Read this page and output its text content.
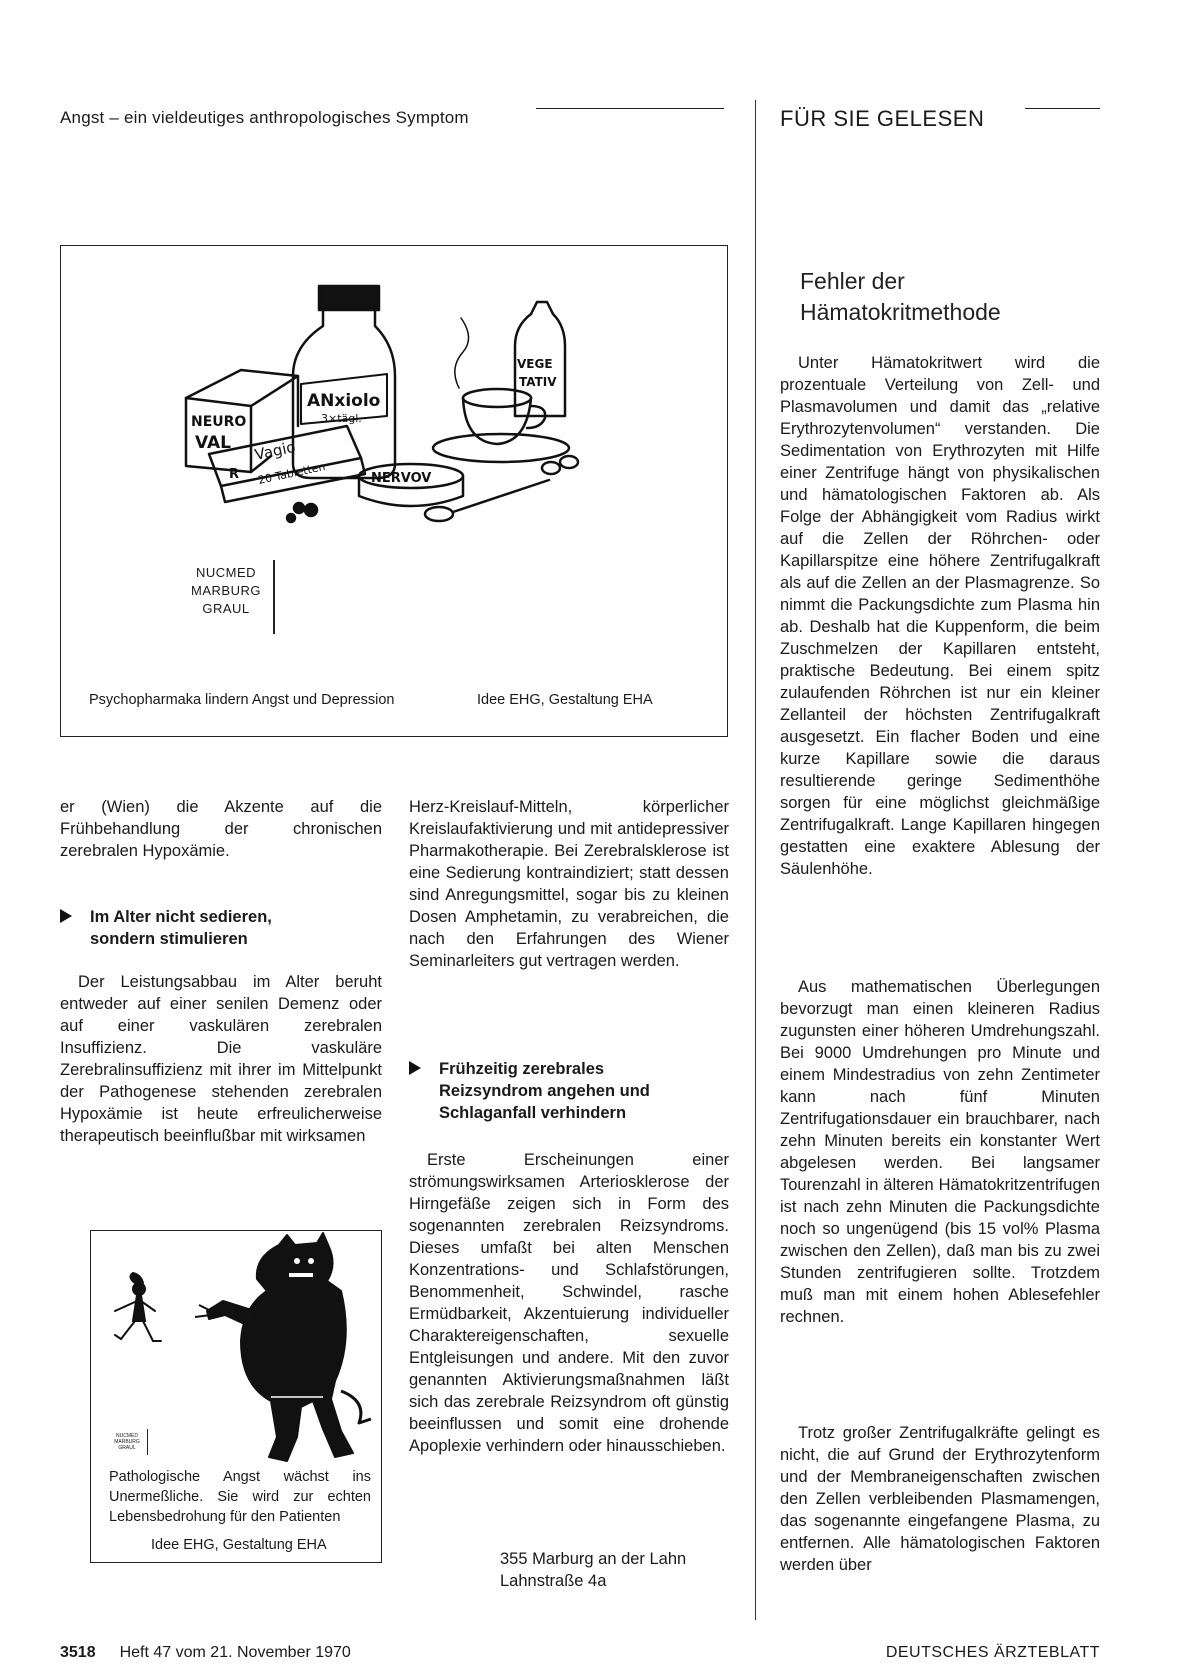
Angst – ein vieldeutiges anthropologisches Symptom	FÜR SIE GELESEN
NEURO
VAL
ANxiolo
3×tägl.
Vagio
20 Tabletten
R
VEGE
TATIV
NERVOV
NUCMED
MARBURG
GRAUL
Psychopharmaka lindern Angst und Depression	Idee EHG, Gestaltung EHA

er (Wien) die Akzente auf die Frühbehandlung der chronischen zerebralen Hypoxämie.

Im Alter nicht sedieren,
sondern stimulieren

Der Leistungsabbau im Alter beruht entweder auf einer senilen Demenz oder auf einer vaskulären zerebralen Insuffizienz. Die vaskuläre Zerebralinsuffizienz mit ihrer im Mittelpunkt der Pathogenese stehenden zerebralen Hypoxämie ist heute erfreulicherweise therapeutisch beeinflußbar mit wirksamen

NUCMED
MARBURG
GRAUL
Pathologische Angst wächst ins Unermeßliche. Sie wird zur echten Lebensbedrohung für den Patienten
Idee EHG, Gestaltung EHA

Herz-Kreislauf-Mitteln, körperlicher Kreislaufaktivierung und mit antidepressiver Pharmakotherapie. Bei Zerebralsklerose ist eine Sedierung kontraindiziert; statt dessen sind Anregungsmittel, sogar bis zu kleinen Dosen Amphetamin, zu verabreichen, die nach den Erfahrungen des Wiener Seminarleiters gut vertragen werden.

Frühzeitig zerebrales
Reizsyndrom angehen und
Schlaganfall verhindern

Erste Erscheinungen einer strömungswirksamen Arteriosklerose der Hirngefäße zeigen sich in Form des sogenannten zerebralen Reizsyndroms. Dieses umfaßt bei alten Menschen Konzentrations- und Schlafstörungen, Benommenheit, Schwindel, rasche Ermüdbarkeit, Akzentuierung individueller Charaktereigenschaften, sexuelle Entgleisungen und andere. Mit den zuvor genannten Aktivierungsmaßnahmen läßt sich das zerebrale Reizsyndrom oft günstig beeinflussen und somit eine drohende Apoplexie verhindern oder hinausschieben.

355 Marburg an der Lahn
Lahnstraße 4a
Fehler der
Hämatokritmethode

Unter Hämatokritwert wird die prozentuale Verteilung von Zell- und Plasmavolumen und damit das „relative Erythrozytenvolumen“ verstanden. Die Sedimentation von Erythrozyten mit Hilfe einer Zentrifuge hängt von physikalischen und hämatologischen Faktoren ab. Als Folge der Abhängigkeit vom Radius wirkt auf die Zellen der Röhrchen- oder Kapillarspitze eine höhere Zentrifugalkraft als auf die Zellen an der Plasmagrenze. So nimmt die Packungsdichte zum Plasma hin ab. Deshalb hat die Kuppenform, die beim Zuschmelzen der Kapillaren entsteht, praktische Bedeutung. Bei einem spitz zulaufenden Röhrchen ist nur ein kleiner Zellanteil der höchsten Zentrifugalkraft ausgesetzt. Ein flacher Boden und eine kurze Kapillare sowie die daraus resultierende geringe Sedimenthöhe sorgen für eine möglichst gleichmäßige Zentrifugalkraft. Lange Kapillaren hingegen gestatten eine exaktere Ablesung der Säulenhöhe.

Aus mathematischen Überlegungen bevorzugt man einen kleineren Radius zugunsten einer höheren Umdrehungszahl. Bei 9000 Umdrehungen pro Minute und einem Mindestradius von zehn Zentimeter kann nach fünf Minuten Zentrifugationsdauer ein brauchbarer, nach zehn Minuten bereits ein konstanter Wert abgelesen werden. Bei langsamer Tourenzahl in älteren Hämatokritzentrifugen ist nach zehn Minuten die Packungsdichte noch so ungenügend (bis 15 vol% Plasma zwischen den Zellen), daß man bis zu zwei Stunden zentrifugieren sollte. Trotzdem muß man mit einem hohen Ablesefehler rechnen.

Trotz großer Zentrifugalkräfte gelingt es nicht, die auf Grund der Erythrozytenform und der Membraneigenschaften zwischen den Zellen verbleibenden Plasmamengen, das sogenannte eingefangene Plasma, zu entfernen. Alle hämatologischen Faktoren werden über

3518 Heft 47 vom 21. November 1970	DEUTSCHES ÄRZTEBLATT
